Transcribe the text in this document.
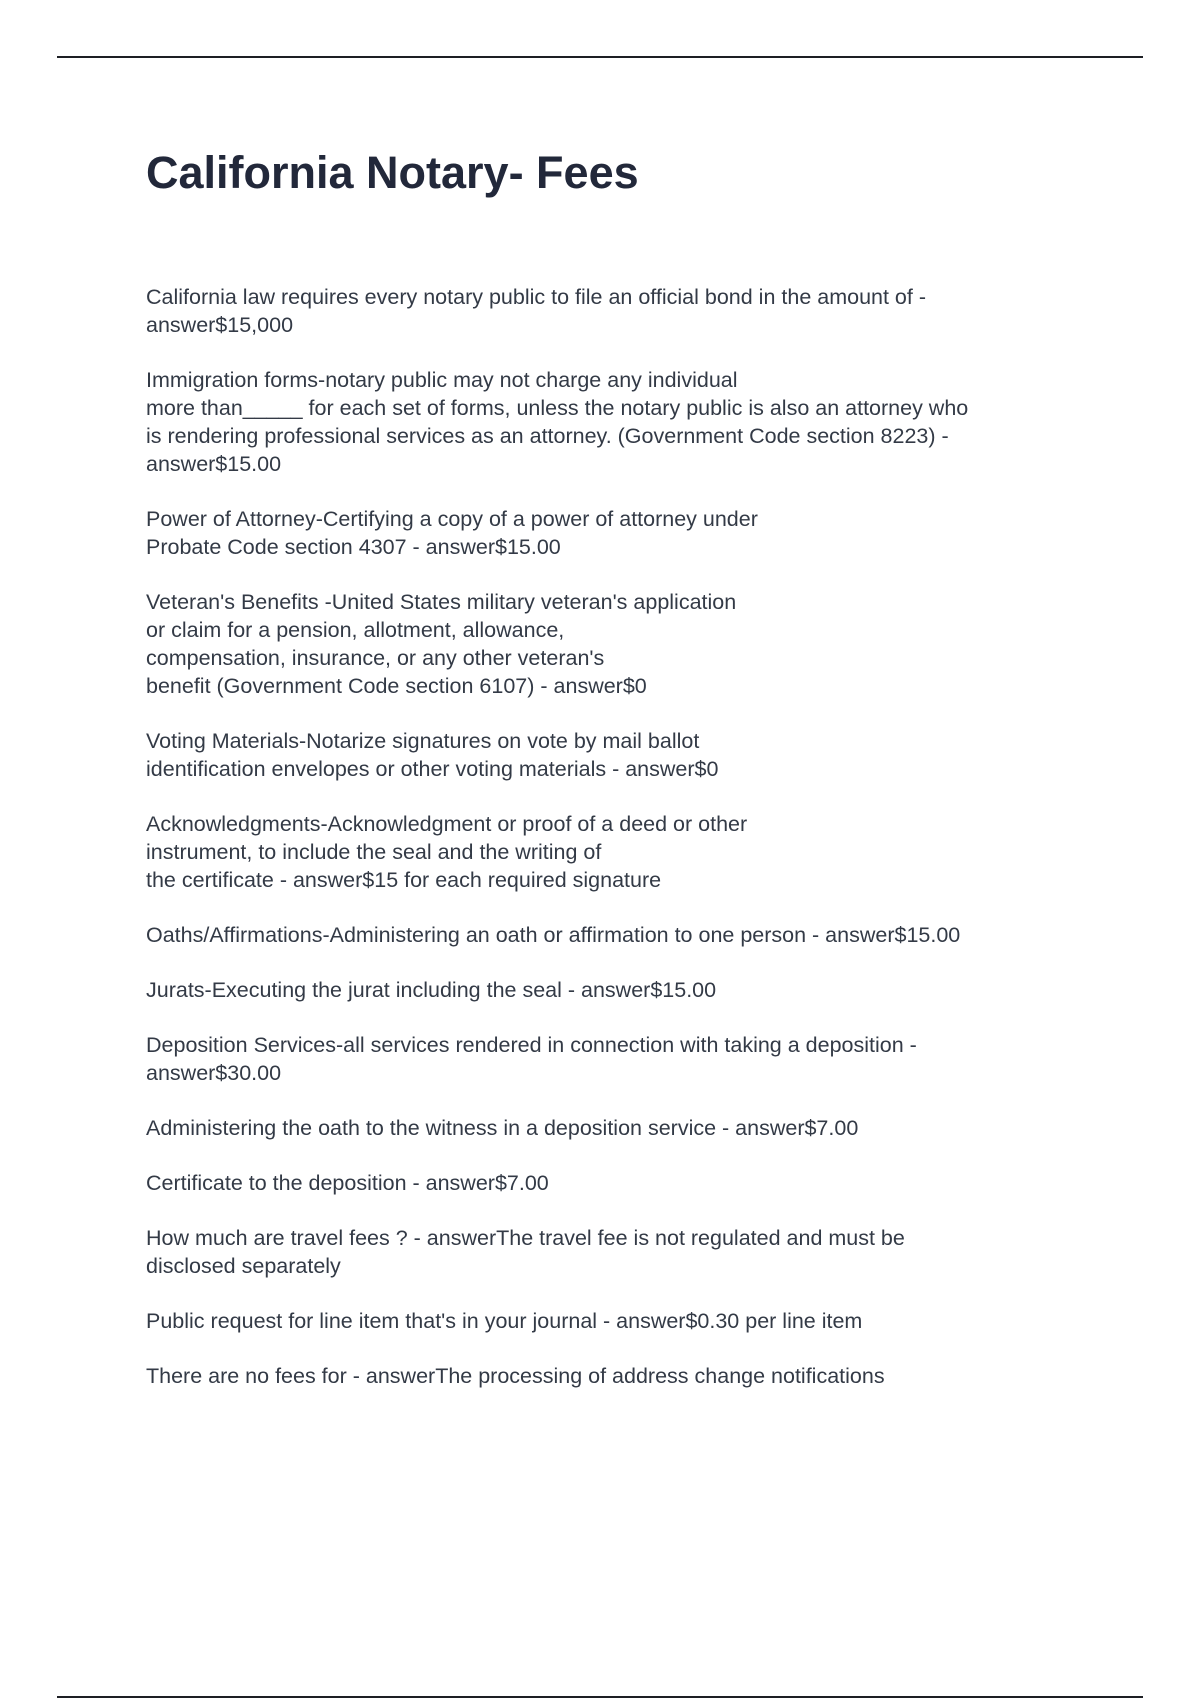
California Notary- Fees
California law requires every notary public to file an official bond in the amount of -
answer$15,000
Immigration forms-notary public may not charge any individual
more than_____ for each set of forms, unless the notary public is also an attorney who
is rendering professional services as an attorney. (Government Code section 8223) -
answer$15.00
Power of Attorney-Certifying a copy of a power of attorney under
Probate Code section 4307 - answer$15.00
Veteran's Benefits -United States military veteran's application
or claim for a pension, allotment, allowance,
compensation, insurance, or any other veteran's
benefit (Government Code section 6107) - answer$0
Voting Materials-Notarize signatures on vote by mail ballot
identification envelopes or other voting materials - answer$0
Acknowledgments-Acknowledgment or proof of a deed or other
instrument, to include the seal and the writing of
the certificate - answer$15 for each required signature
Oaths/Affirmations-Administering an oath or affirmation to one person - answer$15.00
Jurats-Executing the jurat including the seal - answer$15.00
Deposition Services-all services rendered in connection with taking a deposition -
answer$30.00
Administering the oath to the witness in a deposition service - answer$7.00
Certificate to the deposition - answer$7.00
How much are travel fees ? - answerThe travel fee is not regulated and must be
disclosed separately
Public request for line item that's in your journal - answer$0.30 per line item
There are no fees for - answerThe processing of address change notifications
